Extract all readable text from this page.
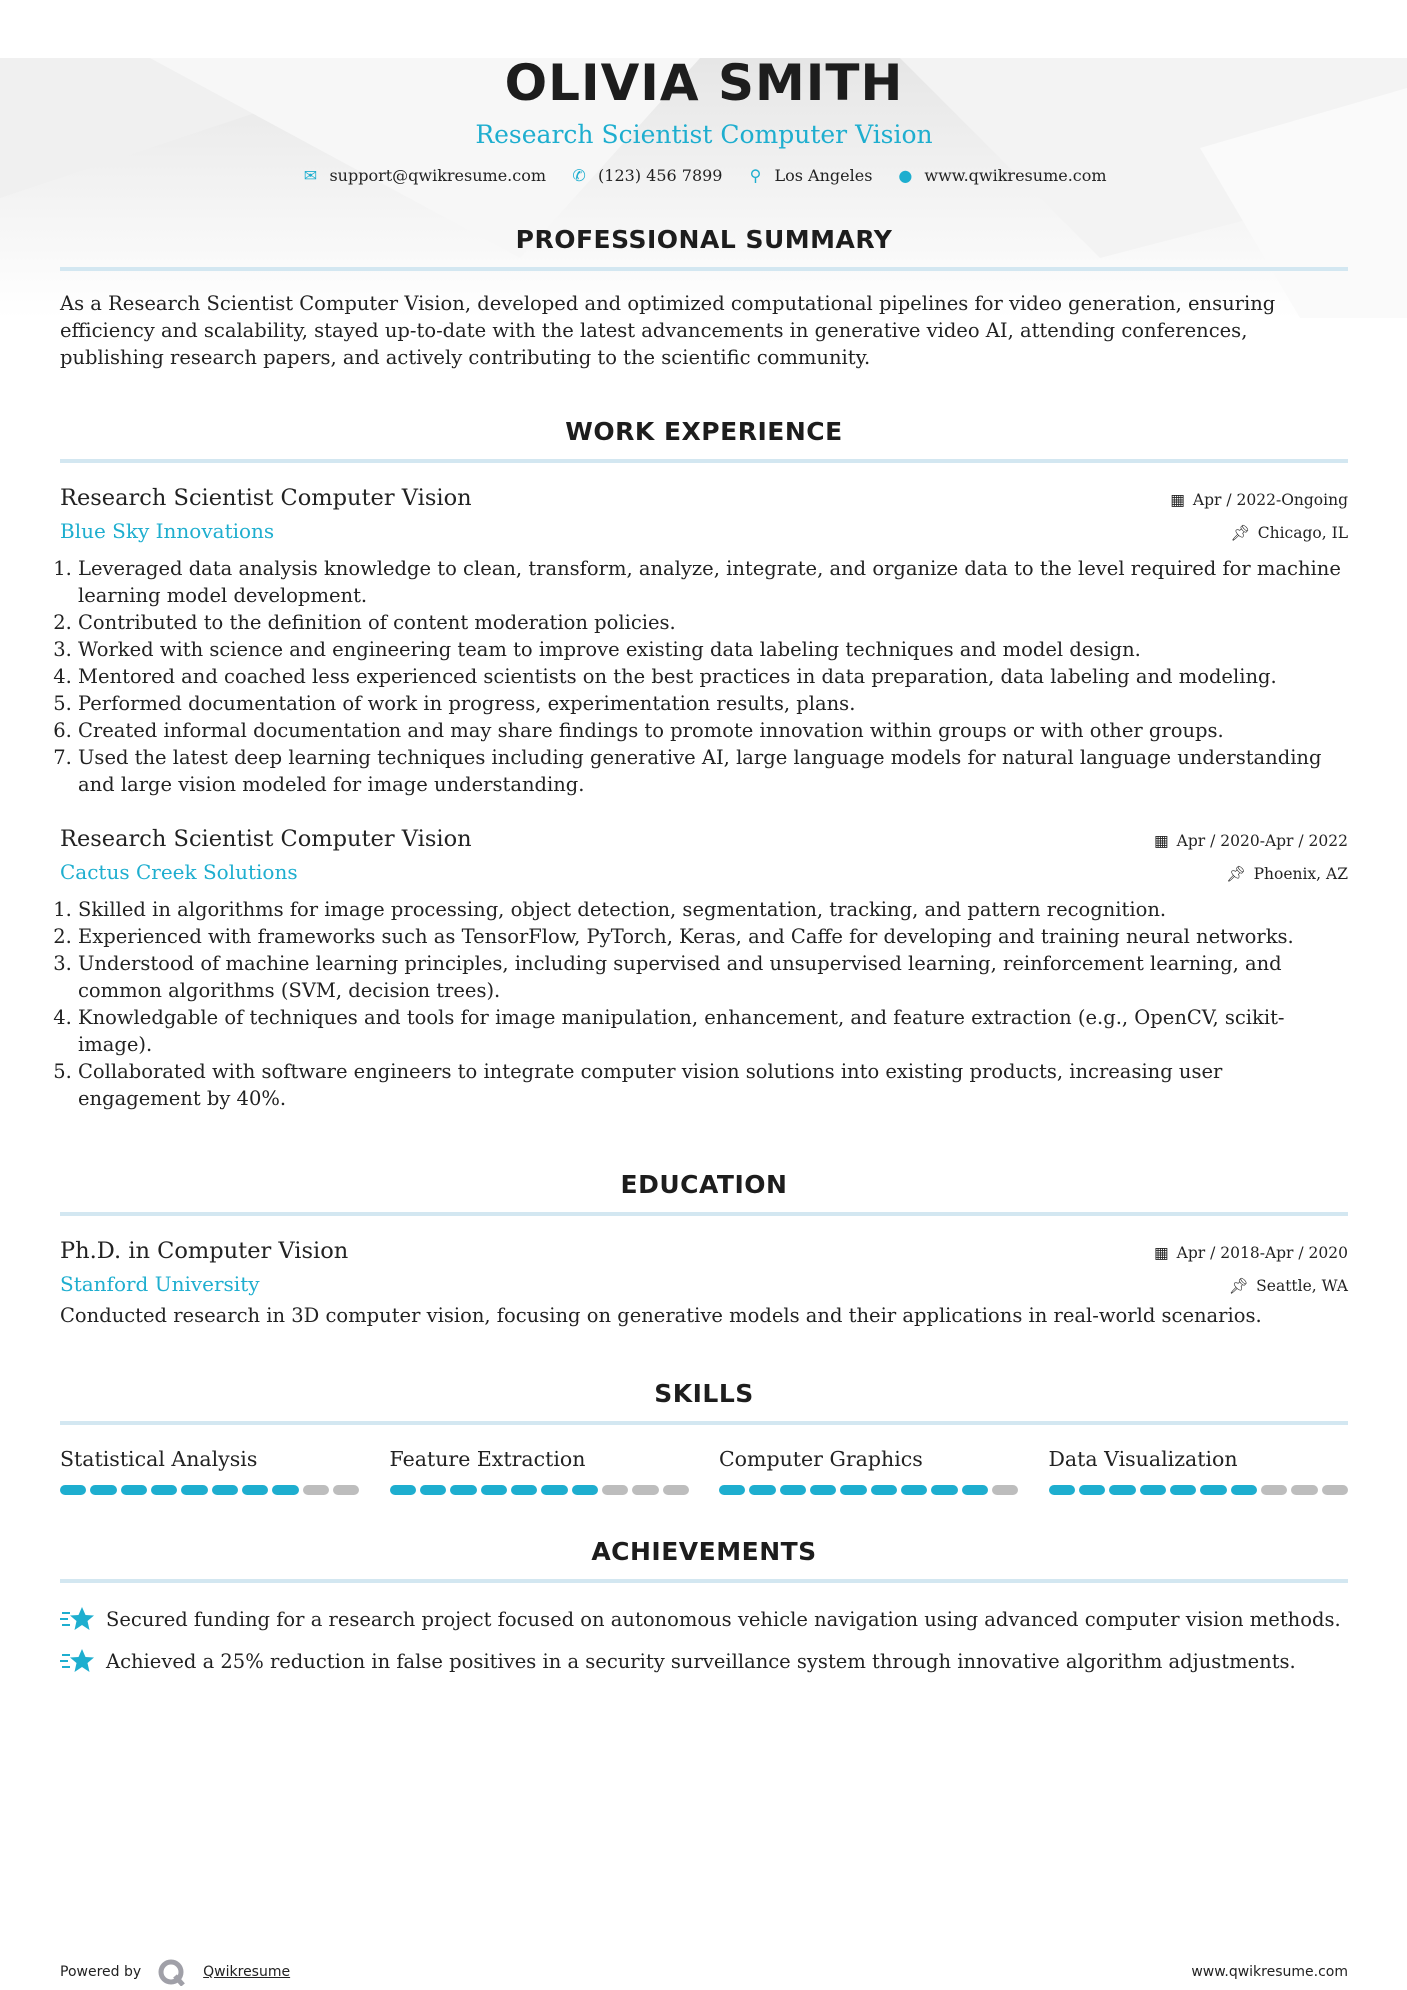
OLIVIA SMITH
Research Scientist Computer Vision
✉ support@qwikresume.com ✆ (123) 456 7899 ⚲ Los Angeles ● www.qwikresume.com
PROFESSIONAL SUMMARY

As a Research Scientist Computer Vision, developed and optimized computational pipelines for video generation, ensuring efficiency and scalability, stayed up-to-date with the latest advancements in generative video AI, attending conferences, publishing research papers, and actively contributing to the scientific community.

WORK EXPERIENCE
Research Scientist Computer Vision	▦ Apr / 2022-Ongoing
Blue Sky Innovations	📌︎ Chicago, IL
1. Leveraged data analysis knowledge to clean, transform, analyze, integrate, and organize data to the level required for machine learning model development.
2. Contributed to the definition of content moderation policies.
3. Worked with science and engineering team to improve existing data labeling techniques and model design.
4. Mentored and coached less experienced scientists on the best practices in data preparation, data labeling and modeling.
5. Performed documentation of work in progress, experimentation results, plans.
6. Created informal documentation and may share findings to promote innovation within groups or with other groups.
7. Used the latest deep learning techniques including generative AI, large language models for natural language understanding and large vision modeled for image understanding.
Research Scientist Computer Vision	▦ Apr / 2020-Apr / 2022
Cactus Creek Solutions	📌︎ Phoenix, AZ
1. Skilled in algorithms for image processing, object detection, segmentation, tracking, and pattern recognition.
2. Experienced with frameworks such as TensorFlow, PyTorch, Keras, and Caffe for developing and training neural networks.
3. Understood of machine learning principles, including supervised and unsupervised learning, reinforcement learning, and common algorithms (SVM, decision trees).
4. Knowledgable of techniques and tools for image manipulation, enhancement, and feature extraction (e.g., OpenCV, scikit-image).
5. Collaborated with software engineers to integrate computer vision solutions into existing products, increasing user engagement by 40%.
EDUCATION
Ph.D. in Computer Vision	▦ Apr / 2018-Apr / 2020
Stanford University	📌︎ Seattle, WA

Conducted research in 3D computer vision, focusing on generative models and their applications in real-world scenarios.

SKILLS
Statistical Analysis	Feature Extraction	Computer Graphics	Data Visualization
ACHIEVEMENTS

Secured funding for a research project focused on autonomous vehicle navigation using advanced computer vision methods.

Achieved a 25% reduction in false positives in a security surveillance system through innovative algorithm adjustments.

Powered by	Qwikresume	www.qwikresume.com
